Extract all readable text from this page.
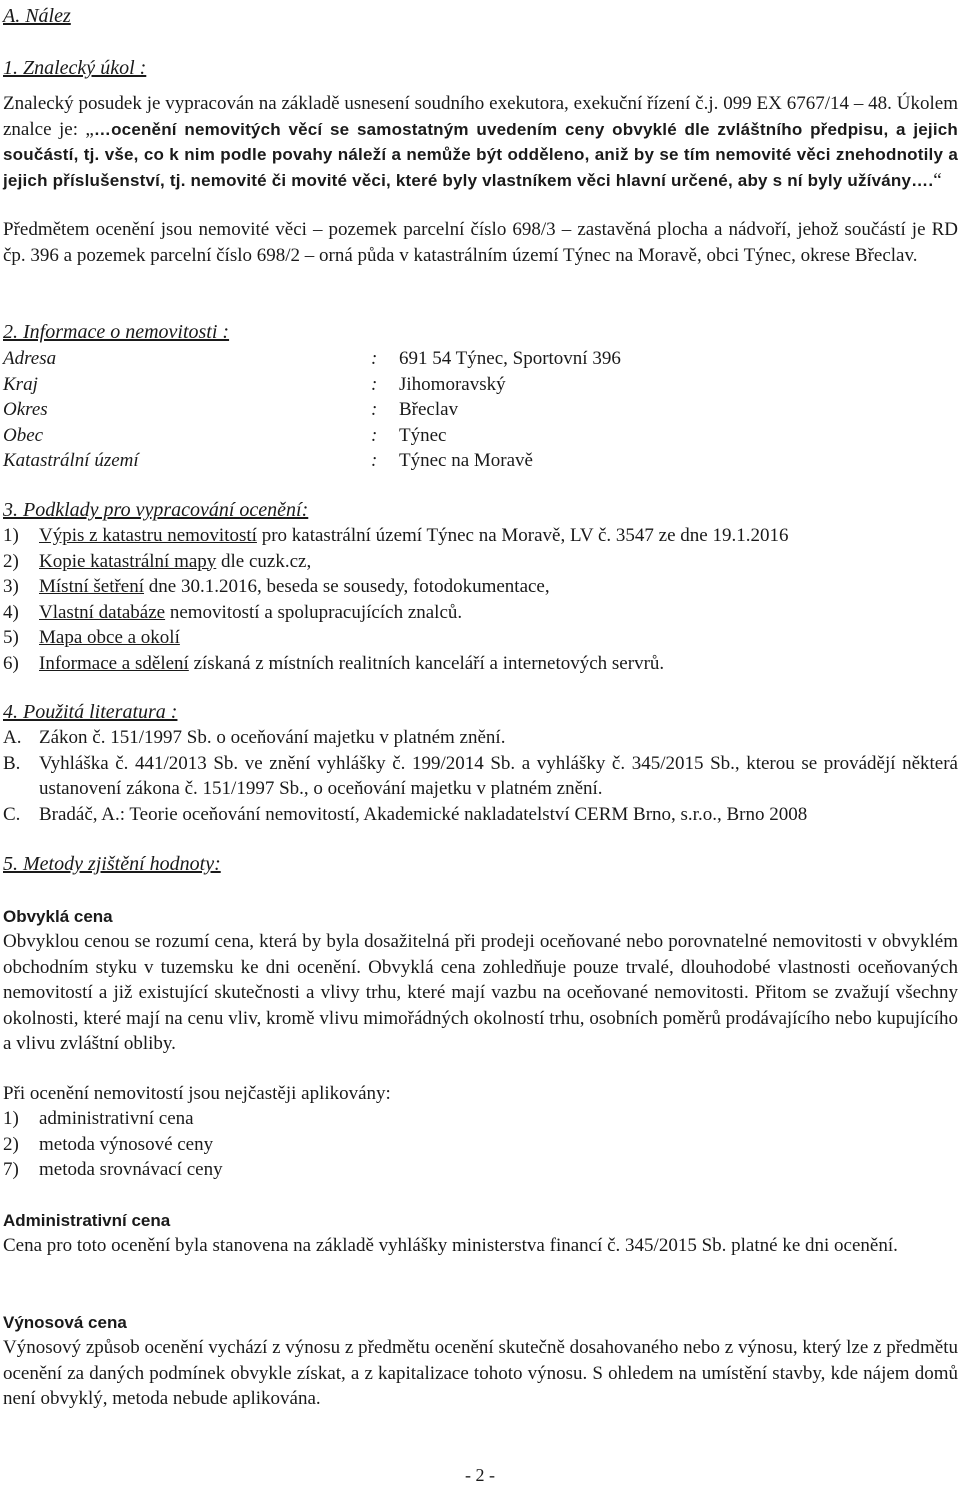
A. Nález
1. Znalecký úkol :

Znalecký posudek je vypracován na základě usnesení soudního exekutora, exekuční řízení č.j. 099 EX 6767/14 – 48. Úkolem znalce je: „…ocenění nemovitých věcí se samostatným uvedením ceny obvyklé dle zvláštního předpisu, a jejich součástí, tj. vše, co k nim podle povahy náleží a nemůže být odděleno, aniž by se tím nemovité věci znehodnotily a jejich příslušenství, tj. nemovité či movité věci, které byly vlastníkem věci hlavní určené, aby s ní byly užívány….“

Předmětem ocenění jsou nemovité věci – pozemek parcelní číslo 698/3 – zastavěná plocha a nádvoří, jehož součástí je RD čp. 396 a pozemek parcelní číslo 698/2 – orná půda v katastrálním území Týnec na Moravě, obci Týnec, okrese Břeclav.

2. Informace o nemovitosti :
Adresa	:	691 54 Týnec, Sportovní 396
Kraj	:	Jihomoravský
Okres	:	Břeclav
Obec	:	Týnec
Katastrální území	:	Týnec na Moravě
3. Podklady pro vypracování ocenění:
1)	Výpis z katastru nemovitostí pro katastrální území Týnec na Moravě, LV č. 3547 ze dne 19.1.2016
2)	Kopie katastrální mapy dle cuzk.cz,
3)	Místní šetření dne 30.1.2016, beseda se sousedy, fotodokumentace,
4)	Vlastní databáze nemovitostí a spolupracujících znalců.
5)	Mapa obce a okolí
6)	Informace a sdělení získaná z místních realitních kanceláří a internetových servrů.
4. Použitá literatura :
A. Zákon č. 151/1997 Sb. o oceňování majetku v platném znění.
B. Vyhláška č. 441/2013 Sb. ve znění vyhlášky č. 199/2014 Sb. a vyhlášky č. 345/2015 Sb., kterou se provádějí některá ustanovení zákona č. 151/1997 Sb., o oceňování majetku v platném znění.
C. Bradáč, A.: Teorie oceňování nemovitostí, Akademické nakladatelství CERM Brno, s.r.o., Brno 2008
5. Metody zjištění hodnoty:
Obvyklá cena

Obvyklou cenou se rozumí cena, která by byla dosažitelná při prodeji oceňované nebo porovnatelné nemovitosti v obvyklém obchodním styku v tuzemsku ke dni ocenění. Obvyklá cena zohledňuje pouze trvalé, dlouhodobé vlastnosti oceňovaných nemovitostí a již existující skutečnosti a vlivy trhu, které mají vazbu na oceňované nemovitosti. Přitom se zvažují všechny okolnosti, které mají na cenu vliv, kromě vlivu mimořádných okolností trhu, osobních poměrů prodávajícího nebo kupujícího a vlivu zvláštní obliby.

Při ocenění nemovitostí jsou nejčastěji aplikovány:

1)	administrativní cena
2)	metoda výnosové ceny
7)	metoda srovnávací ceny
Administrativní cena

Cena pro toto ocenění byla stanovena na základě vyhlášky ministerstva financí č. 345/2015 Sb. platné ke dni ocenění.

Výnosová cena

Výnosový způsob ocenění vychází z výnosu z předmětu ocenění skutečně dosahovaného nebo z výnosu, který lze z předmětu ocenění za daných podmínek obvykle získat, a z kapitalizace tohoto výnosu. S ohledem na umístění stavby, kde nájem domů není obvyklý, metoda nebude aplikována.

- 2 -
